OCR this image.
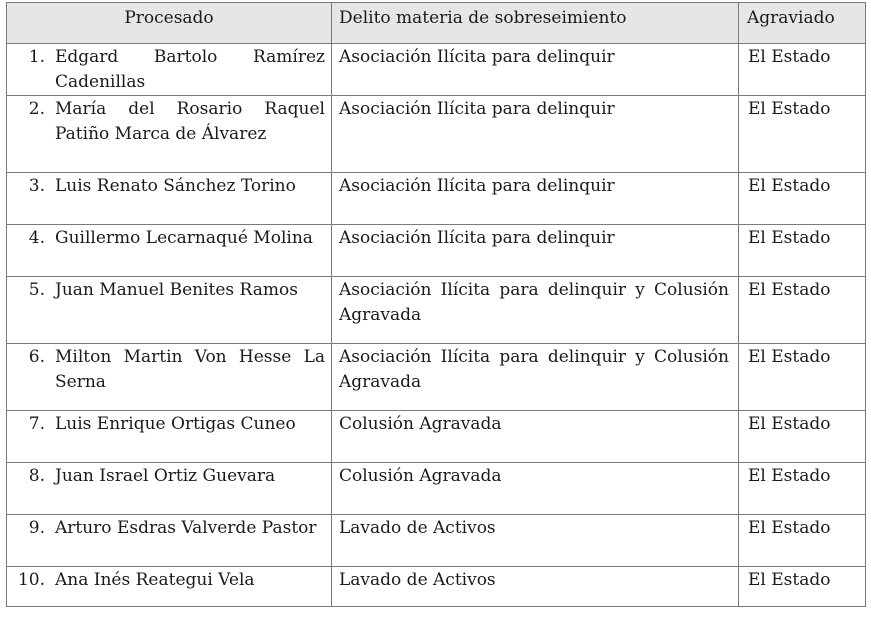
Procesado	Delito materia de sobreseimiento	Agraviado

1. Edgard Bartolo Ramírez Cadenillas	Asociación Ilícita para delinquir	El Estado

2. María del Rosario Raquel Patiño Marca de Álvarez	Asociación Ilícita para delinquir	El Estado

3. Luis Renato Sánchez Torino	Asociación Ilícita para delinquir	El Estado

4. Guillermo Lecarnaqué Molina	Asociación Ilícita para delinquir	El Estado

5. Juan Manuel Benites Ramos	Asociación Ilícita para delinquir y Colusión Agravada	El Estado

6. Milton Martin Von Hesse La Serna	Asociación Ilícita para delinquir y Colusión Agravada	El Estado

7. Luis Enrique Ortigas Cuneo	Colusión Agravada	El Estado

8. Juan Israel Ortiz Guevara	Colusión Agravada	El Estado

9. Arturo Esdras Valverde Pastor	Lavado de Activos	El Estado

10. Ana Inés Reategui Vela	Lavado de Activos	El Estado
